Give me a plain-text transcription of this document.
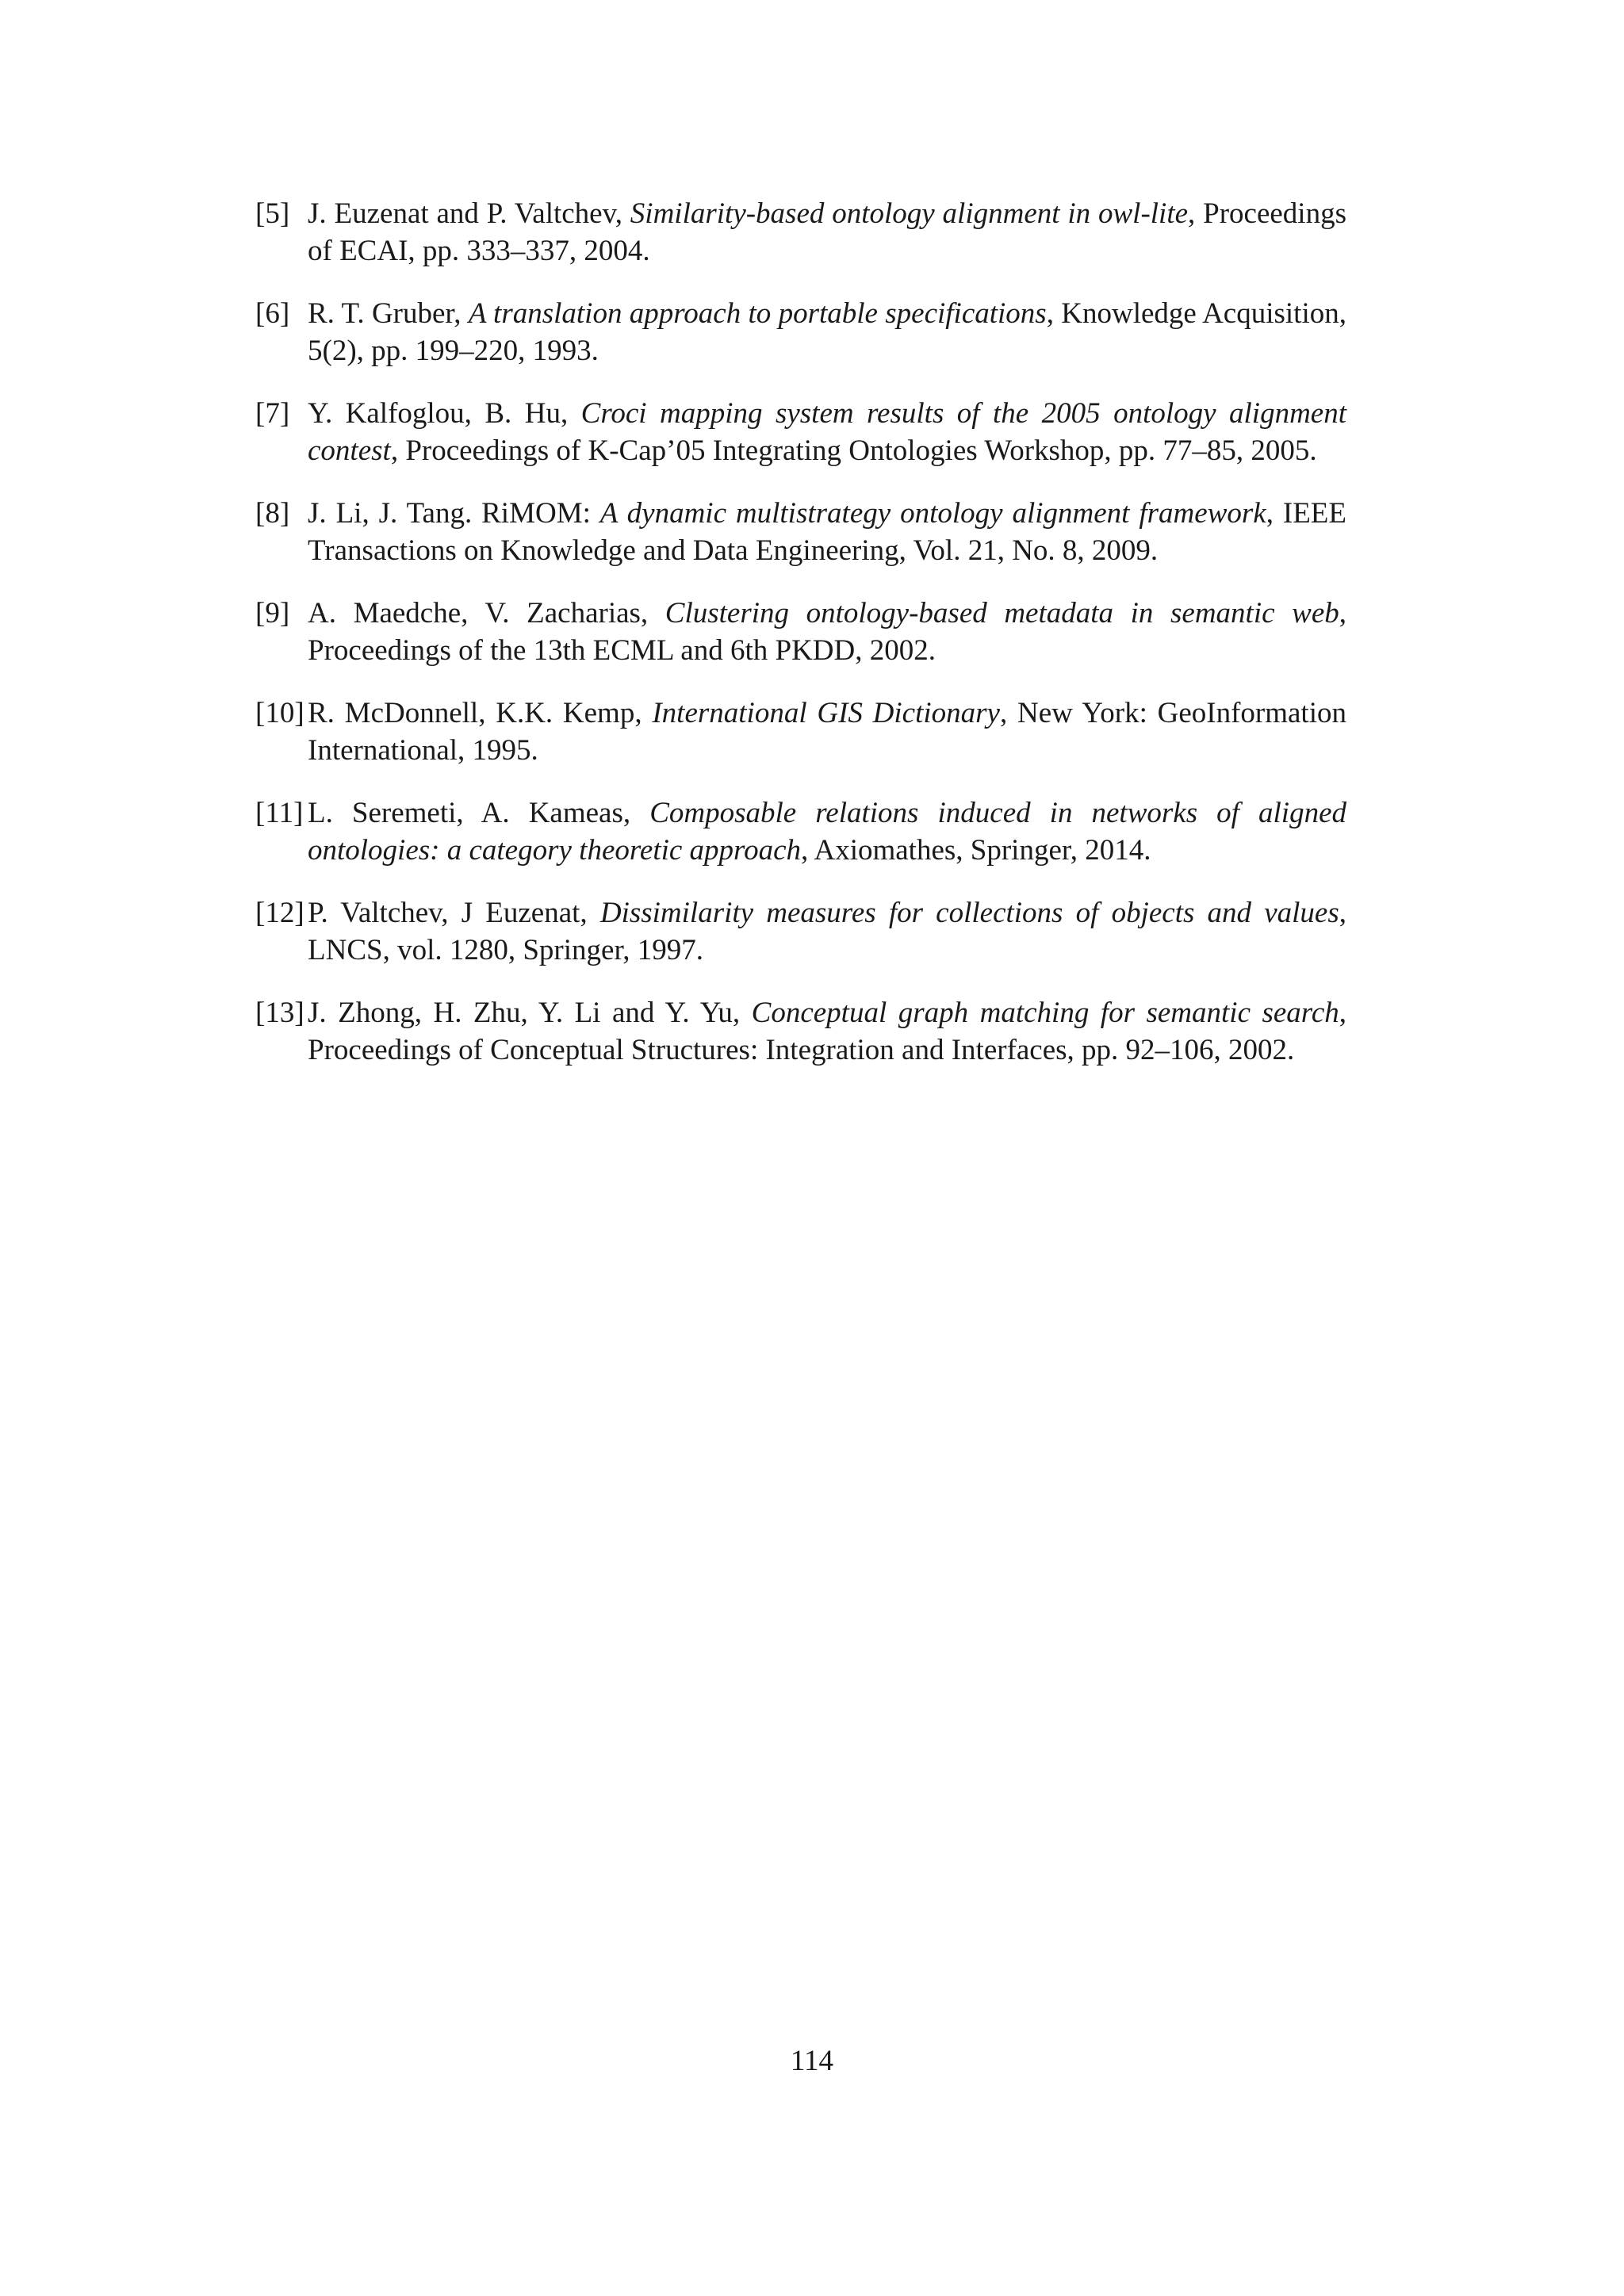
[5] J. Euzenat and P. Valtchev, Similarity-based ontology alignment in owl-lite, Proceedings of ECAI, pp. 333–337, 2004.
[6] R. T. Gruber, A translation approach to portable specifications, Knowledge Acquisition, 5(2), pp. 199–220, 1993.
[7] Y. Kalfoglou, B. Hu, Croci mapping system results of the 2005 ontology alignment contest, Proceedings of K-Cap’05 Integrating Ontologies Workshop, pp. 77–85, 2005.
[8] J. Li, J. Tang. RiMOM: A dynamic multistrategy ontology alignment framework, IEEE Transactions on Knowledge and Data Engineering, Vol. 21, No. 8, 2009.
[9] A. Maedche, V. Zacharias, Clustering ontology-based metadata in semantic web, Proceedings of the 13th ECML and 6th PKDD, 2002.
[10] R. McDonnell, K.K. Kemp, International GIS Dictionary, New York: GeoInformation International, 1995.
[11] L. Seremeti, A. Kameas, Composable relations induced in networks of aligned ontologies: a category theoretic approach, Axiomathes, Springer, 2014.
[12] P. Valtchev, J Euzenat, Dissimilarity measures for collections of objects and values, LNCS, vol. 1280, Springer, 1997.
[13] J. Zhong, H. Zhu, Y. Li and Y. Yu, Conceptual graph matching for semantic search, Proceedings of Conceptual Structures: Integration and Interfaces, pp. 92–106, 2002.
114
